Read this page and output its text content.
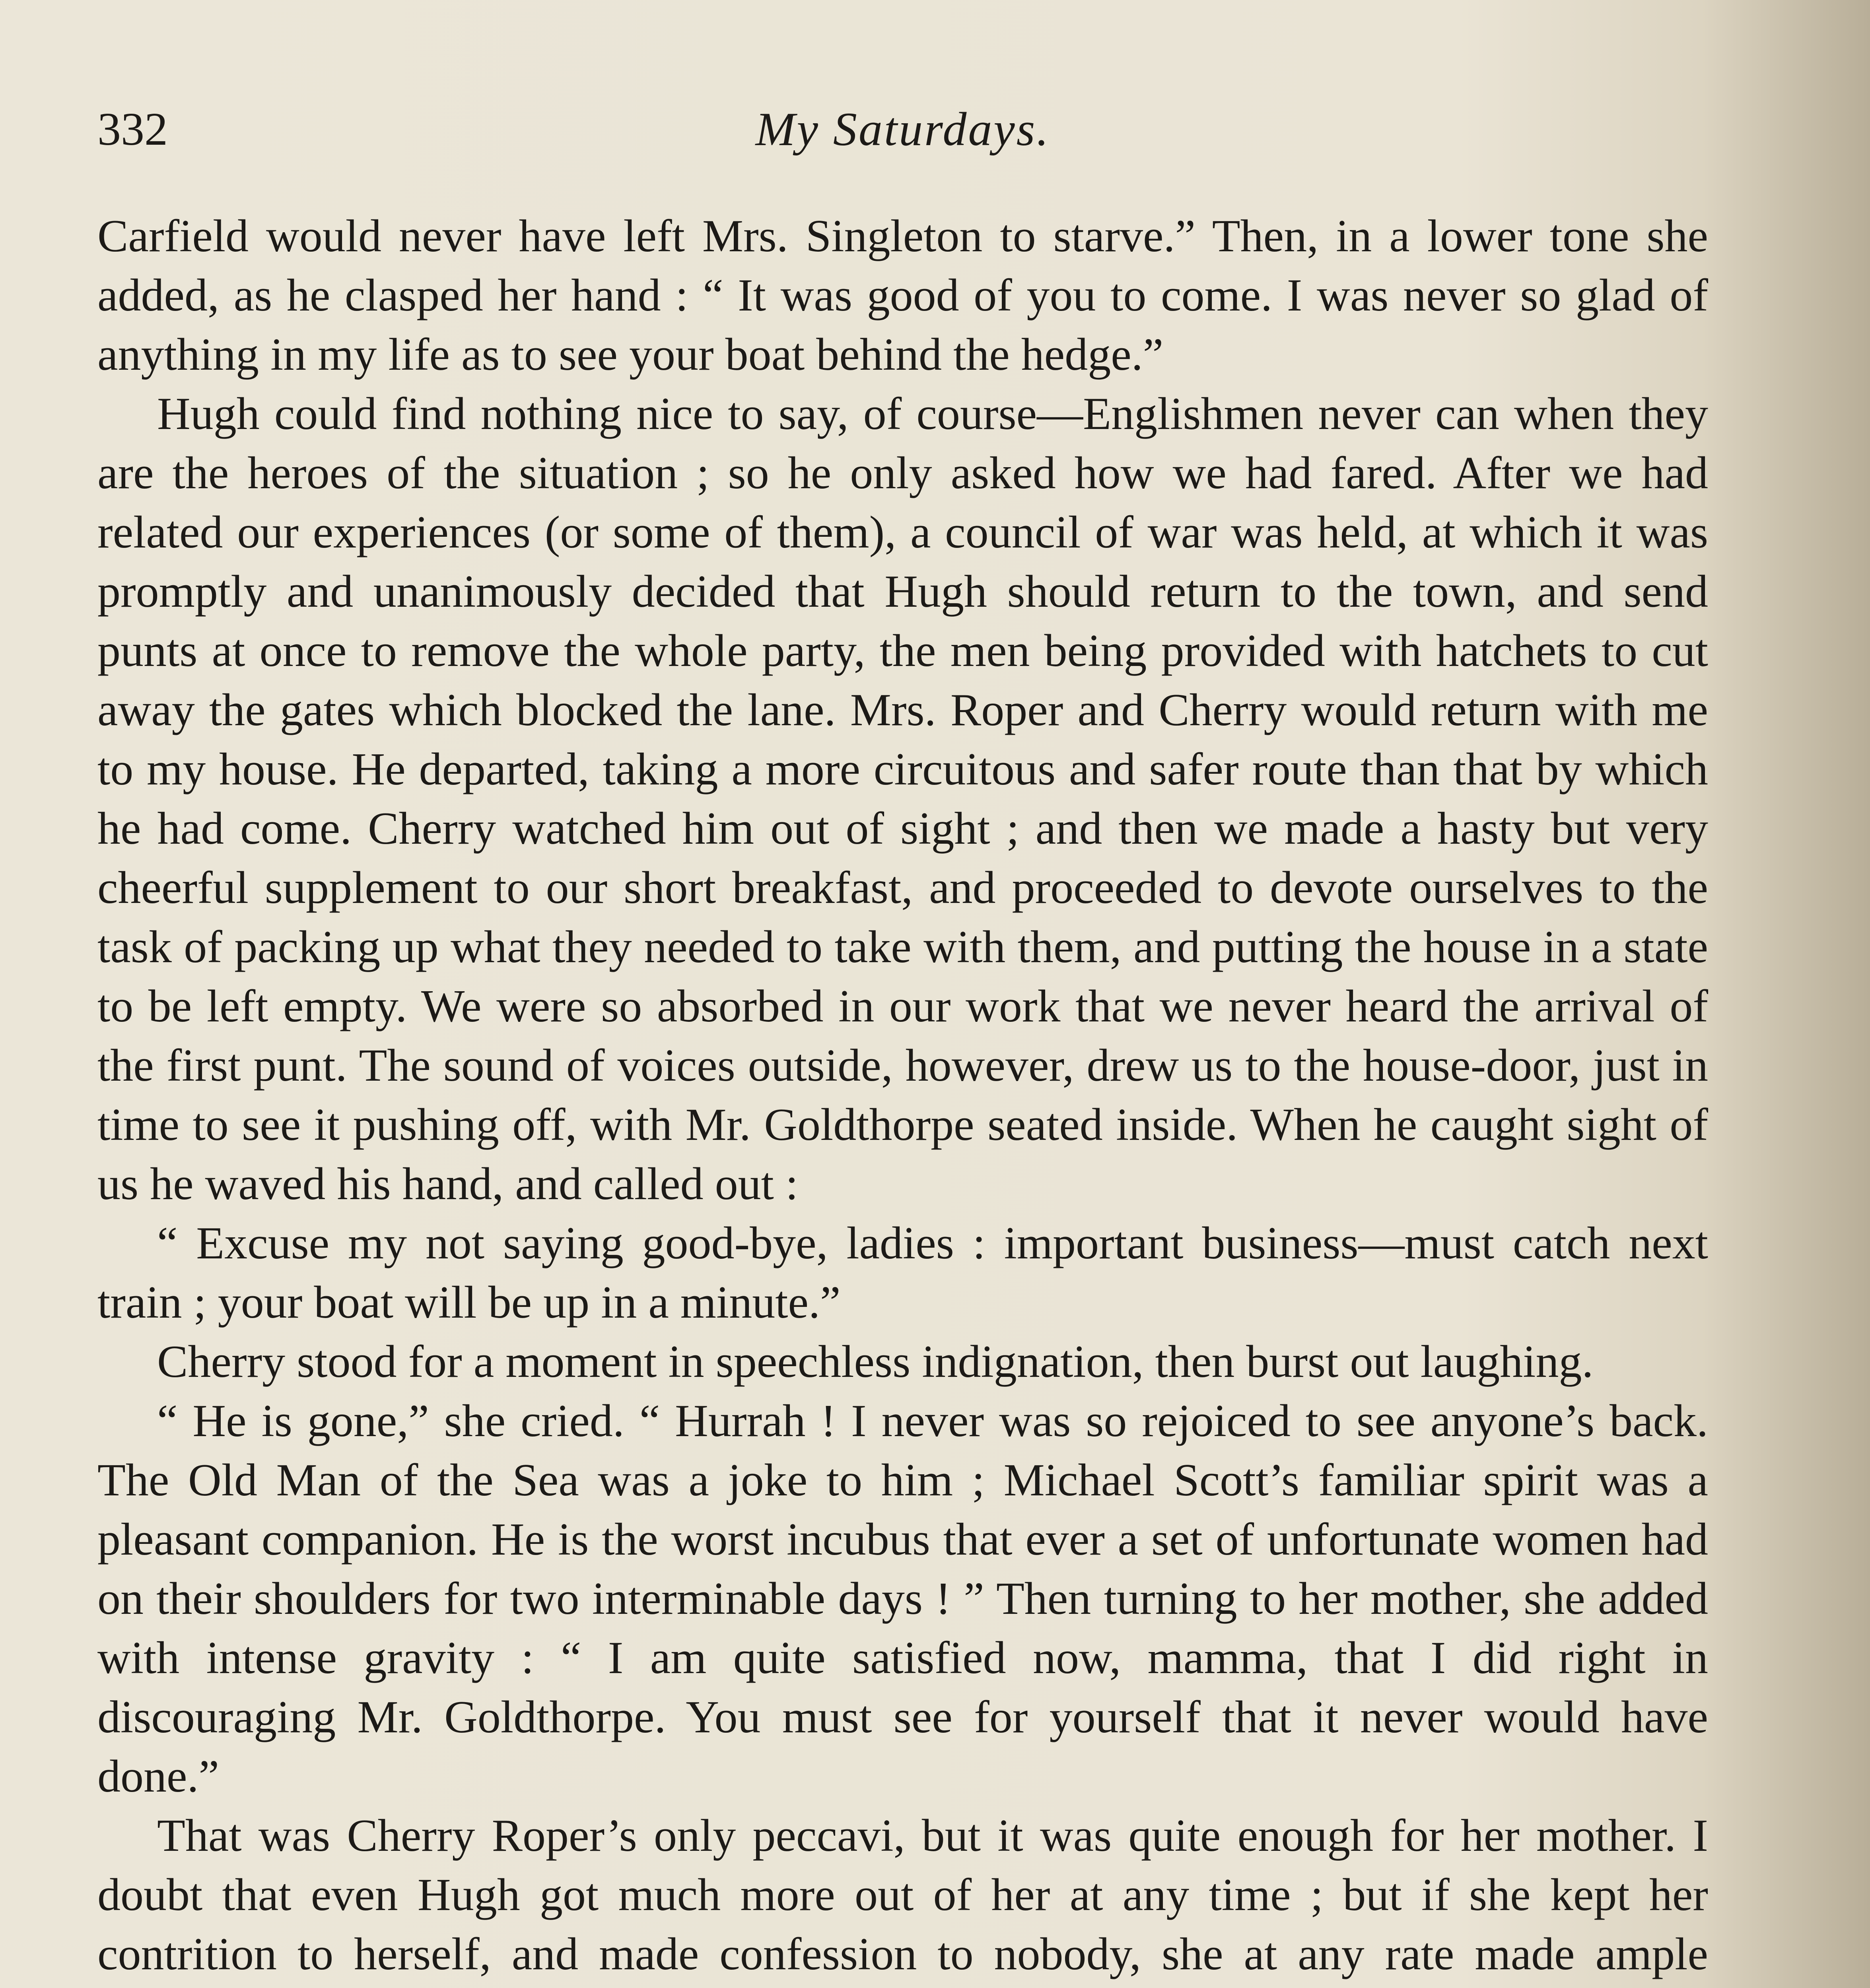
332	My Saturdays.

Carfield would never have left Mrs. Singleton to starve.” Then, in a lower tone she added, as he clasped her hand : “ It was good of you to come. I was never so glad of anything in my life as to see your boat behind the hedge.”

Hugh could find nothing nice to say, of course—Englishmen never can when they are the heroes of the situation ; so he only asked how we had fared. After we had related our experiences (or some of them), a council of war was held, at which it was promptly and unanimously decided that Hugh should return to the town, and send punts at once to remove the whole party, the men being provided with hatchets to cut away the gates which blocked the lane. Mrs. Roper and Cherry would return with me to my house. He departed, taking a more circuitous and safer route than that by which he had come. Cherry watched him out of sight ; and then we made a hasty but very cheerful supplement to our short breakfast, and proceeded to devote ourselves to the task of packing up what they needed to take with them, and putting the house in a state to be left empty. We were so absorbed in our work that we never heard the arrival of the first punt. The sound of voices outside, however, drew us to the house-door, just in time to see it pushing off, with Mr. Goldthorpe seated inside. When he caught sight of us he waved his hand, and called out :

“ Excuse my not saying good-bye, ladies : important business—must catch next train ; your boat will be up in a minute.”

Cherry stood for a moment in speechless indignation, then burst out laughing.

“ He is gone,” she cried. “ Hurrah ! I never was so rejoiced to see anyone’s back. The Old Man of the Sea was a joke to him ; Michael Scott’s familiar spirit was a pleasant companion. He is the worst incubus that ever a set of unfortunate women had on their shoulders for two interminable days ! ” Then turning to her mother, she added with intense gravity : “ I am quite satisfied now, mamma, that I did right in discouraging Mr. Goldthorpe. You must see for yourself that it never would have done.”

That was Cherry Roper’s only peccavi, but it was quite enough for her mother. I doubt that even Hugh got much more out of her at any time ; but if she kept her contrition to herself, and made confession to nobody, she at any rate made ample
